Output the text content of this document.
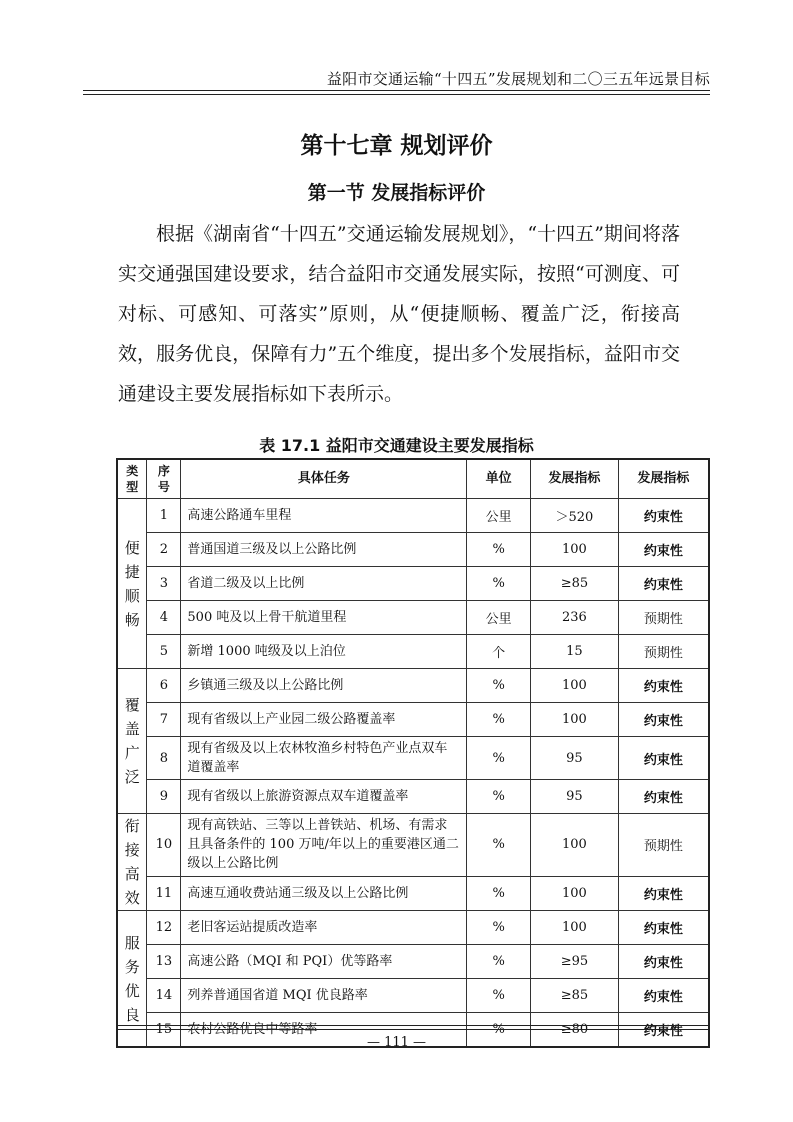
益阳市交通运输“十四五”发展规划和二〇三五年远景目标
第十七章 规划评价
第一节 发展指标评价

根据《湖南省“十四五”交通运输发展规划》，“十四五”期间将落实交通强国建设要求，结合益阳市交通发展实际，按照“可测度、可对标、可感知、可落实”原则，从“便捷顺畅、覆盖广泛，衔接高效，服务优良，保障有力”五个维度，提出多个发展指标，益阳市交通建设主要发展指标如下表所示。

表 17.1 益阳市交通建设主要发展指标
类型	序号	具体任务	单位	发展指标	发展指标
便捷顺畅	1	高速公路通车里程	公里	＞520	约束性
	2	普通国道三级及以上公路比例	%	100	约束性
	3	省道二级及以上比例	%	≥85	约束性
	4	500 吨及以上骨干航道里程	公里	236	预期性
	5	新增 1000 吨级及以上泊位	个	15	预期性
覆盖广泛	6	乡镇通三级及以上公路比例	%	100	约束性
	7	现有省级以上产业园二级公路覆盖率	%	100	约束性
	8	现有省级及以上农林牧渔乡村特色产业点双车道覆盖率	%	95	约束性
	9	现有省级以上旅游资源点双车道覆盖率	%	95	约束性
衔接高效	10	现有高铁站、三等以上普铁站、机场、有需求且具备条件的 100 万吨/年以上的重要港区通二级以上公路比例	%	100	预期性
	11	高速互通收费站通三级及以上公路比例	%	100	约束性
服务优良	12	老旧客运站提质改造率	%	100	约束性
	13	高速公路（MQI 和 PQI）优等路率	%	≥95	约束性
	14	列养普通国省道 MQI 优良路率	%	≥85	约束性
	15	农村公路优良中等路率	%	≥80	约束性
— 111 —
